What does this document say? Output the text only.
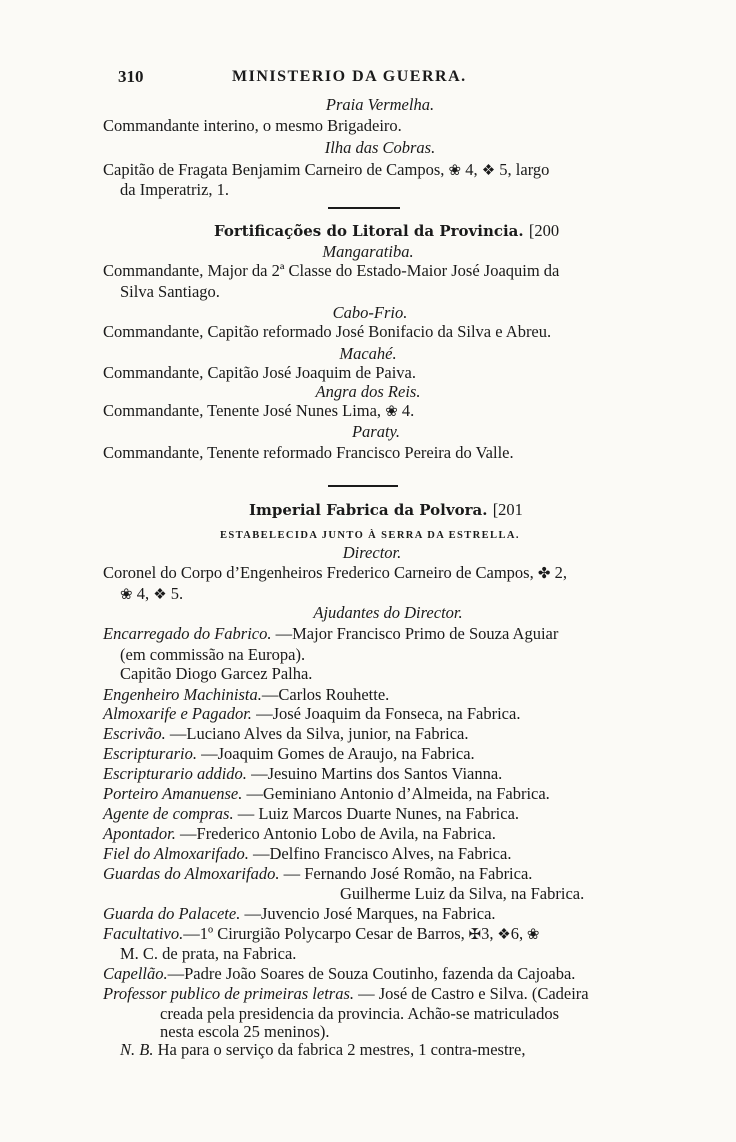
310	MINISTERIO DA GUERRA.
Praia Vermelha.
Commandante interino, o mesmo Brigadeiro.
Ilha das Cobras.
Capitão de Fragata Benjamim Carneiro de Campos, ❀ 4, ❖ 5, largo
da Imperatriz, 1.
Fortificações do Litoral da Provincia. [200
Mangaratiba.
Commandante, Major da 2ª Classe do Estado-Maior José Joaquim da
Silva Santiago.
Cabo-Frio.
Commandante, Capitão reformado José Bonifacio da Silva e Abreu.
Macahé.
Commandante, Capitão José Joaquim de Paiva.
Angra dos Reis.
Commandante, Tenente José Nunes Lima, ❀ 4.
Paraty.
Commandante, Tenente reformado Francisco Pereira do Valle.
Imperial Fabrica da Polvora. [201
ESTABELECIDA JUNTO À SERRA DA ESTRELLA.
Director.
Coronel do Corpo d’Engenheiros Frederico Carneiro de Campos, ✤ 2,
❀ 4, ❖ 5.
Ajudantes do Director.
Encarregado do Fabrico. —Major Francisco Primo de Souza Aguiar
(em commissão na Europa).
Capitão Diogo Garcez Palha.
Engenheiro Machinista.—Carlos Rouhette.
Almoxarife e Pagador. —José Joaquim da Fonseca, na Fabrica.
Escrivão. —Luciano Alves da Silva, junior, na Fabrica.
Escripturario. —Joaquim Gomes de Araujo, na Fabrica.
Escripturario addido. —Jesuino Martins dos Santos Vianna.
Porteiro Amanuense. —Geminiano Antonio d’Almeida, na Fabrica.
Agente de compras. — Luiz Marcos Duarte Nunes, na Fabrica.
Apontador. —Frederico Antonio Lobo de Avila, na Fabrica.
Fiel do Almoxarifado. —Delfino Francisco Alves, na Fabrica.
Guardas do Almoxarifado. — Fernando José Romão, na Fabrica.
Guilherme Luiz da Silva, na Fabrica.
Guarda do Palacete. —Juvencio José Marques, na Fabrica.
Facultativo.—1º Cirurgião Polycarpo Cesar de Barros, ✠3, ❖6, ❀
M. C. de prata, na Fabrica.
Capellão.—Padre João Soares de Souza Coutinho, fazenda da Cajoaba.
Professor publico de primeiras letras. — José de Castro e Silva. (Cadeira
creada pela presidencia da provincia. Achão-se matriculados
nesta escola 25 meninos).
N. B. Ha para o serviço da fabrica 2 mestres, 1 contra-mestre,
